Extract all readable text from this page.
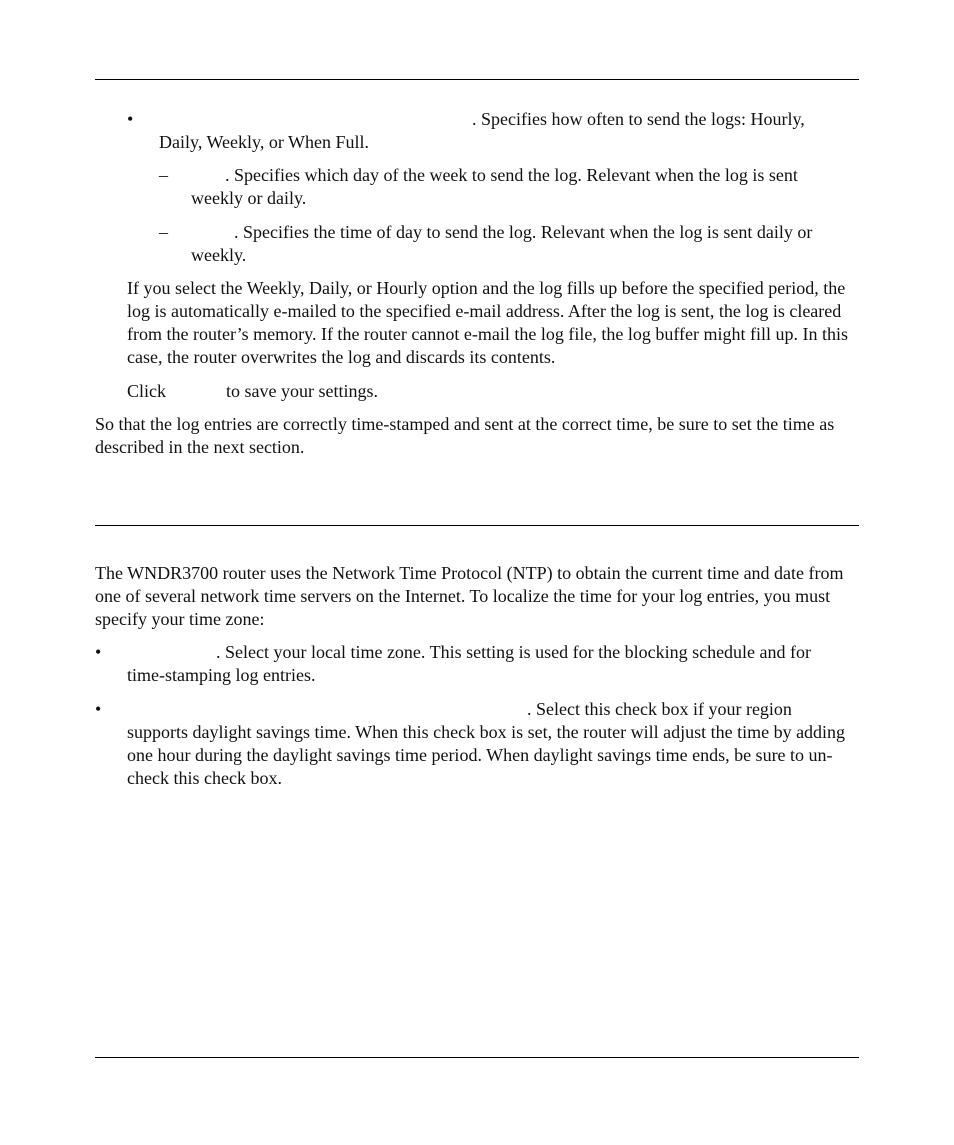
•	. Specifies how often to send the logs: Hourly,
Daily, Weekly, or When Full.
–	. Specifies which day of the week to send the log. Relevant when the log is sent
weekly or daily.
–	. Specifies the time of day to send the log. Relevant when the log is sent daily or
weekly.

If you select the Weekly, Daily, or Hourly option and the log fills up before the specified period, the log is automatically e-mailed to the specified e-mail address. After the log is sent, the log is cleared from the router’s memory. If the router cannot e-mail the log file, the log buffer might fill up. In this case, the router overwrites the log and discards its contents.

Click	to save your settings.

So that the log entries are correctly time-stamped and sent at the correct time, be sure to set the time as described in the next section.

The WNDR3700 router uses the Network Time Protocol (NTP) to obtain the current time and date from one of several network time servers on the Internet. To localize the time for your log entries, you must specify your time zone:

•	. Select your local time zone. This setting is used for the blocking schedule and for
time-stamping log entries.
•	. Select this check box if your region
supports daylight savings time. When this check box is set, the router will adjust the time by adding one hour during the daylight savings time period. When daylight savings time ends, be sure to un-check this check box.
